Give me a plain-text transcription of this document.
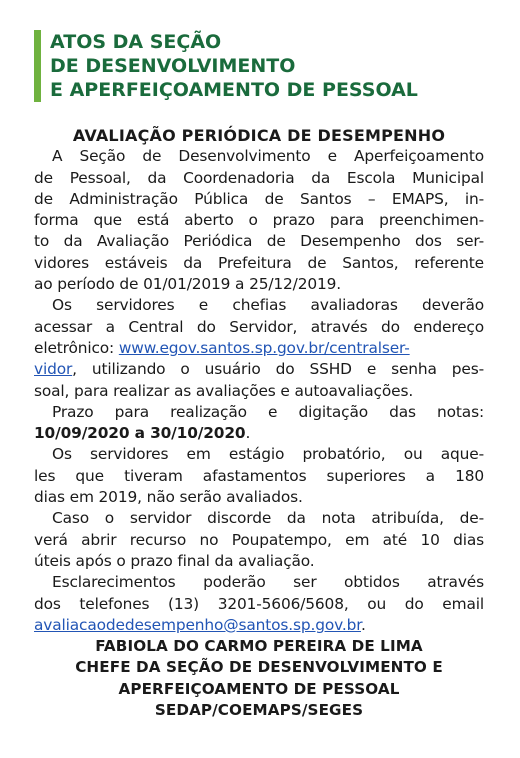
ATOS DA SEÇÃO
DE DESENVOLVIMENTO
E APERFEIÇOAMENTO DE PESSOAL
AVALIAÇÃO PERIÓDICA DE DESEMPENHO
A Seção de Desenvolvimento e Aperfeiçoamento
de Pessoal, da Coordenadoria da Escola Municipal
de Administração Pública de Santos – EMAPS, in-
forma que está aberto o prazo para preenchimen-
to da Avaliação Periódica de Desempenho dos ser-
vidores estáveis da Prefeitura de Santos, referente
ao período de 01/01/2019 a 25/12/2019.
Os servidores e chefias avaliadoras deverão
acessar a Central do Servidor, através do endereço
eletrônico: www.egov.santos.sp.gov.br/centralser-
vidor, utilizando o usuário do SSHD e senha pes-
soal, para realizar as avaliações e autoavaliações.
Prazo para realização e digitação das notas:
10/09/2020 a 30/10/2020.
Os servidores em estágio probatório, ou aque-
les que tiveram afastamentos superiores a 180
dias em 2019, não serão avaliados.
Caso o servidor discorde da nota atribuída, de-
verá abrir recurso no Poupatempo, em até 10 dias
úteis após o prazo final da avaliação.
Esclarecimentos poderão ser obtidos através
dos telefones (13) 3201-5606/5608, ou do email
avaliacaodedesempenho@santos.sp.gov.br.
FABIOLA DO CARMO PEREIRA DE LIMA
CHEFE DA SEÇÃO DE DESENVOLVIMENTO E
APERFEIÇOAMENTO DE PESSOAL
SEDAP/COEMAPS/SEGES
